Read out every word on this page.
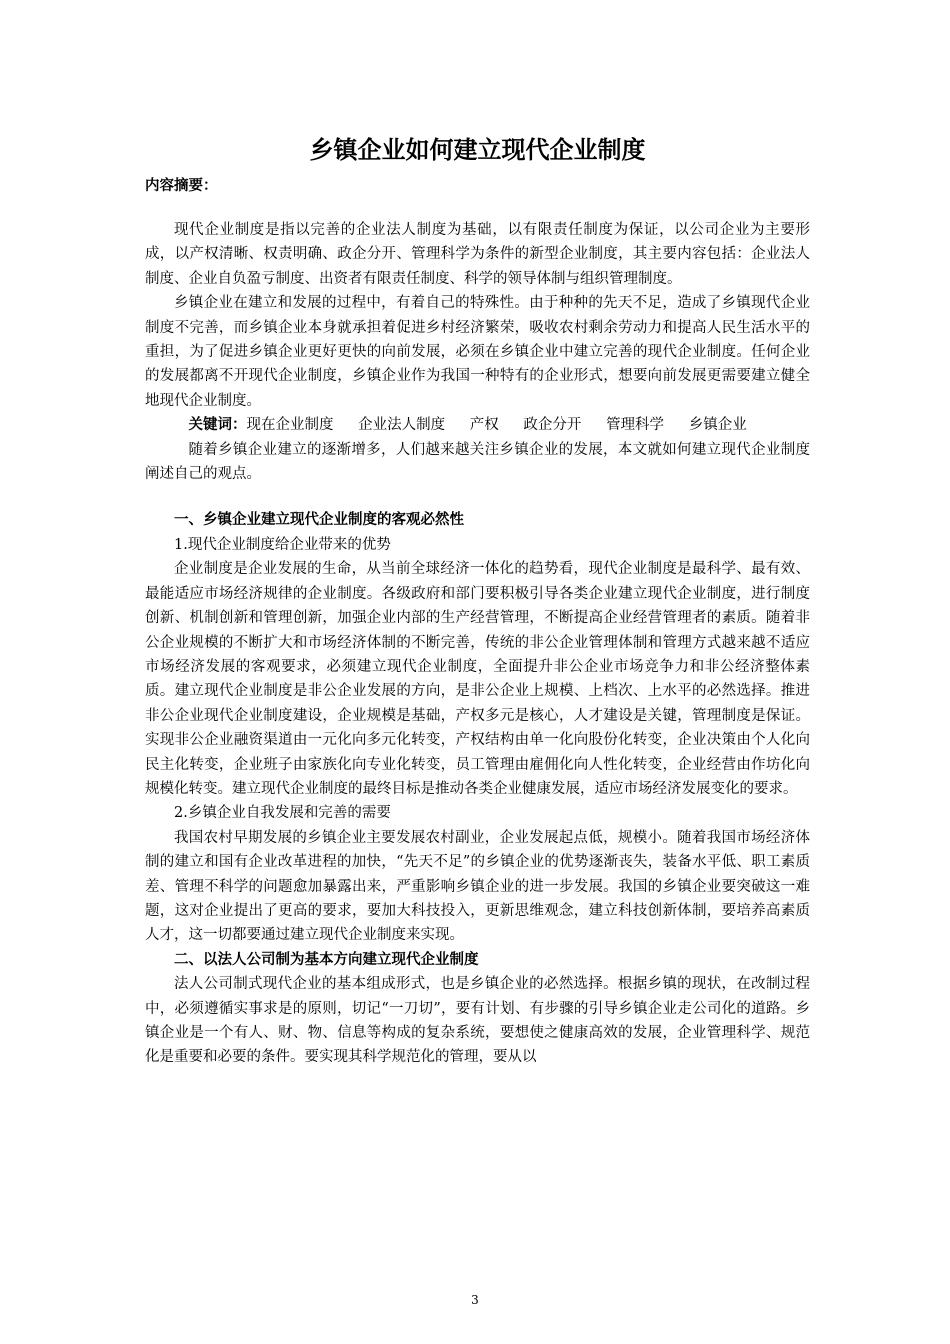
乡镇企业如何建立现代企业制度
内容摘要：

现代企业制度是指以完善的企业法人制度为基础，以有限责任制度为保证，以公司企业为主要形成，以产权清晰、权责明确、政企分开、管理科学为条件的新型企业制度，其主要内容包括：企业法人制度、企业自负盈亏制度、出资者有限责任制度、科学的领导体制与组织管理制度。

乡镇企业在建立和发展的过程中，有着自己的特殊性。由于种种的先天不足，造成了乡镇现代企业制度不完善，而乡镇企业本身就承担着促进乡村经济繁荣，吸收农村剩余劳动力和提高人民生活水平的重担，为了促进乡镇企业更好更快的向前发展，必须在乡镇企业中建立完善的现代企业制度。任何企业的发展都离不开现代企业制度，乡镇企业作为我国一种特有的企业形式，想要向前发展更需要建立健全地现代企业制度。

关键词：现在企业制度 企业法人制度 产权 政企分开 管理科学 乡镇企业

随着乡镇企业建立的逐渐增多，人们越来越关注乡镇企业的发展，本文就如何建立现代企业制度阐述自己的观点。

一、乡镇企业建立现代企业制度的客观必然性

1.现代企业制度给企业带来的优势

企业制度是企业发展的生命，从当前全球经济一体化的趋势看，现代企业制度是最科学、最有效、最能适应市场经济规律的企业制度。各级政府和部门要积极引导各类企业建立现代企业制度，进行制度创新、机制创新和管理创新，加强企业内部的生产经营管理，不断提高企业经营管理者的素质。随着非公企业规模的不断扩大和市场经济体制的不断完善，传统的非公企业管理体制和管理方式越来越不适应市场经济发展的客观要求，必须建立现代企业制度，全面提升非公企业市场竞争力和非公经济整体素质。建立现代企业制度是非公企业发展的方向，是非公企业上规模、上档次、上水平的必然选择。推进非公企业现代企业制度建设，企业规模是基础，产权多元是核心，人才建设是关键，管理制度是保证。实现非公企业融资渠道由一元化向多元化转变，产权结构由单一化向股份化转变，企业决策由个人化向民主化转变，企业班子由家族化向专业化转变，员工管理由雇佣化向人性化转变，企业经营由作坊化向规模化转变。建立现代企业制度的最终目标是推动各类企业健康发展，适应市场经济发展变化的要求。

2.乡镇企业自我发展和完善的需要

我国农村早期发展的乡镇企业主要发展农村副业，企业发展起点低，规模小。随着我国市场经济体制的建立和国有企业改革进程的加快，“先天不足”的乡镇企业的优势逐渐丧失，装备水平低、职工素质差、管理不科学的问题愈加暴露出来，严重影响乡镇企业的进一步发展。我国的乡镇企业要突破这一难题，这对企业提出了更高的要求，要加大科技投入，更新思维观念，建立科技创新体制，要培养高素质人才，这一切都要通过建立现代企业制度来实现。

二、以法人公司制为基本方向建立现代企业制度

法人公司制式现代企业的基本组成形式，也是乡镇企业的必然选择。根据乡镇的现状，在改制过程中，必须遵循实事求是的原则，切记“一刀切”，要有计划、有步骤的引导乡镇企业走公司化的道路。乡镇企业是一个有人、财、物、信息等构成的复杂系统，要想使之健康高效的发展，企业管理科学、规范化是重要和必要的条件。要实现其科学规范化的管理，要从以

3
